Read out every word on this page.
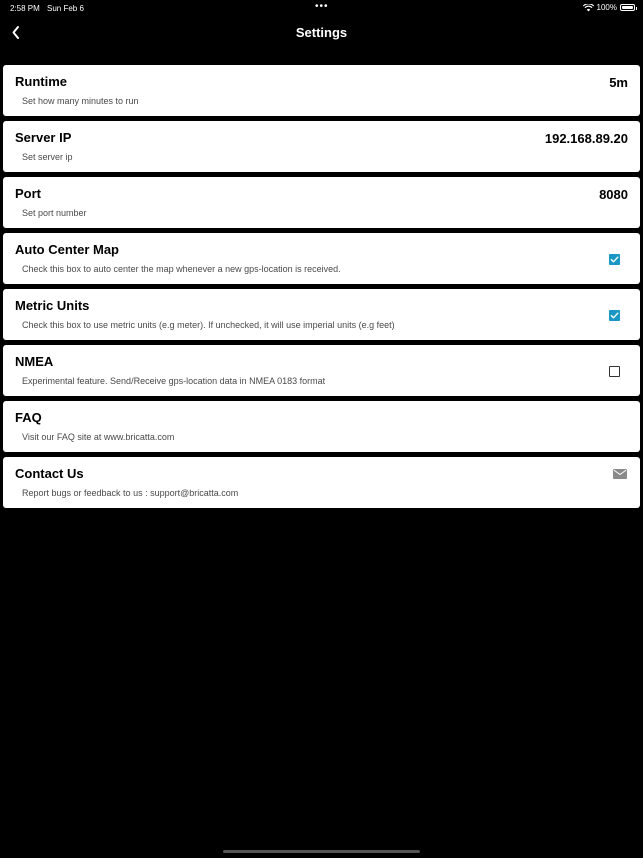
2:58 PM Sun Feb 6	•••	100%
Settings
Runtime
Set how many minutes to run
5m
Server IP
Set server ip
192.168.89.20
Port
Set port number
8080
Auto Center Map
Check this box to auto center the map whenever a new gps-location is received.
Metric Units
Check this box to use metric units (e.g meter). If unchecked, it will use imperial units (e.g feet)
NMEA
Experimental feature. Send/Receive gps-location data in NMEA 0183 format
FAQ
Visit our FAQ site at www.bricatta.com
Contact Us
Report bugs or feedback to us : support@bricatta.com
